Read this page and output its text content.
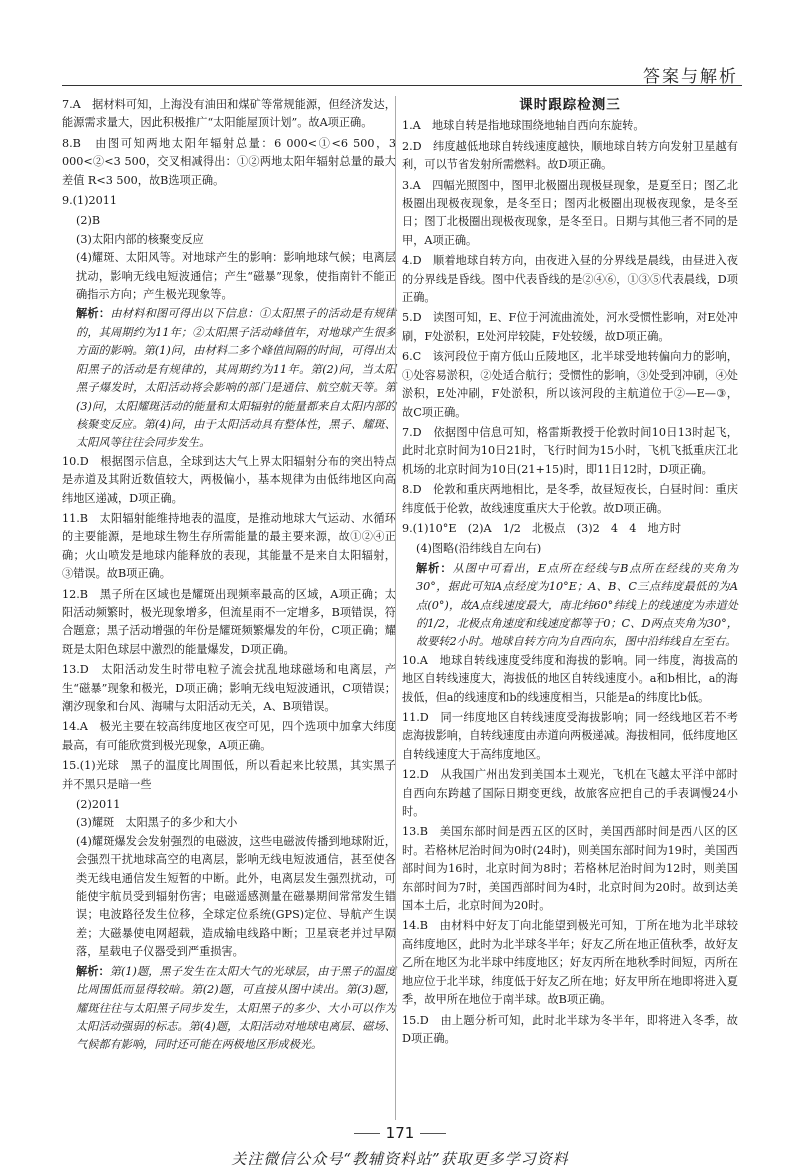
答案与解析
7.A　据材料可知，上海没有油田和煤矿等常规能源，但经济发达，能源需求量大，因此积极推广“太阳能屋顶计划”。故A项正确。
8.B　由图可知两地太阳年辐射总量：6 000<①<6 500，3 000<②<3 500，交叉相减得出：①②两地太阳年辐射总量的最大差值 R<3 500，故B选项正确。
9.(1)2011
(2)B
(3)太阳内部的核聚变反应
(4)耀斑、太阳风等。对地球产生的影响：影响地球气候；电离层扰动，影响无线电短波通信；产生“磁暴”现象，使指南针不能正确指示方向；产生极光现象等。
解析：由材料和图可得出以下信息：①太阳黑子的活动是有规律的，其周期约为11年；②太阳黑子活动峰值年，对地球产生很多方面的影响。第(1)问，由材料二多个峰值间隔的时间，可得出太阳黑子的活动是有规律的，其周期约为11年。第(2)问，当太阳黑子爆发时，太阳活动将会影响的部门是通信、航空航天等。第(3)问，太阳耀斑活动的能量和太阳辐射的能量都来自太阳内部的核聚变反应。第(4)问，由于太阳活动具有整体性，黑子、耀斑、太阳风等往往会同步发生。
10.D　根据图示信息，全球到达大气上界太阳辐射分布的突出特点是赤道及其附近数值较大，两极偏小，基本规律为由低纬地区向高纬地区递减，D项正确。
11.B　太阳辐射能维持地表的温度，是推动地球大气运动、水循环的主要能源，是地球生物生存所需能量的最主要来源，故①②④正确；火山喷发是地球内能释放的表现，其能量不是来自太阳辐射，③错误。故B项正确。
12.B　黑子所在区域也是耀斑出现频率最高的区域，A项正确；太阳活动频繁时，极光现象增多，但流星雨不一定增多，B项错误，符合题意；黑子活动增强的年份是耀斑频繁爆发的年份，C项正确；耀斑是太阳色球层中激烈的能量爆发，D项正确。
13.D　太阳活动发生时带电粒子流会扰乱地球磁场和电离层，产生“磁暴”现象和极光，D项正确；影响无线电短波通讯，C项错误；潮汐现象和台风、海啸与太阳活动无关，A、B项错误。
14.A　极光主要在较高纬度地区夜空可见，四个选项中加拿大纬度最高，有可能欣赏到极光现象，A项正确。
15.(1)光球　黑子的温度比周围低，所以看起来比较黑，其实黑子并不黑只是暗一些
(2)2011
(3)耀斑　太阳黑子的多少和大小
(4)耀斑爆发会发射强烈的电磁波，这些电磁波传播到地球附近，会强烈干扰地球高空的电离层，影响无线电短波通信，甚至使各类无线电通信发生短暂的中断。此外，电离层发生强烈扰动，可能使宇航员受到辐射伤害；电磁遥感测量在磁暴期间常常发生错误；电波路径发生位移，全球定位系统(GPS)定位、导航产生误差；大磁暴使电网超载，造成输电线路中断；卫星衰老并过早陨落，星载电子仪器受到严重损害。
解析：第(1)题，黑子发生在太阳大气的光球层，由于黑子的温度比周围低而显得较暗。第(2)题，可直接从图中读出。第(3)题，耀斑往往与太阳黑子同步发生，太阳黑子的多少、大小可以作为太阳活动强弱的标志。第(4)题，太阳活动对地球电离层、磁场、气候都有影响，同时还可能在两极地区形成极光。
课时跟踪检测三
1.A　地球自转是指地球围绕地轴自西向东旋转。
2.D　纬度越低地球自转线速度越快，顺地球自转方向发射卫星越有利，可以节省发射所需燃料。故D项正确。
3.A　四幅光照图中，图甲北极圈出现极昼现象，是夏至日；图乙北极圈出现极夜现象，是冬至日；图丙北极圈出现极夜现象，是冬至日；图丁北极圈出现极夜现象，是冬至日。日期与其他三者不同的是甲，A项正确。
4.D　顺着地球自转方向，由夜进入昼的分界线是晨线，由昼进入夜的分界线是昏线。图中代表昏线的是②④⑥，①③⑤代表晨线，D项正确。
5.D　读图可知，E、F位于河流曲流处，河水受惯性影响，对E处冲刷，F处淤积，E处河岸较陡，F处较缓，故D项正确。
6.C　该河段位于南方低山丘陵地区，北半球受地转偏向力的影响，①处容易淤积，②处适合航行；受惯性的影响，③处受到冲刷，④处淤积，E处冲刷，F处淤积，所以该河段的主航道位于②—E—③，故C项正确。
7.D　依据图中信息可知，格雷斯教授于伦敦时间10日13时起飞，此时北京时间为10日21时，飞行时间为15小时，飞机飞抵重庆江北机场的北京时间为10日(21+15)时，即11日12时，D项正确。
8.D　伦敦和重庆两地相比，是冬季，故昼短夜长，白昼时间：重庆纬度低于伦敦，故线速度重庆大于伦敦。故D项正确。
9.(1)10°E　(2)A　1/2　北极点　(3)2　4　4　地方时
(4)图略(沿纬线自左向右)
解析：从图中可看出，E点所在经线与B点所在经线的夹角为30°，据此可知A点经度为10°E；A、B、C三点纬度最低的为A点(0°)，故A点线速度最大，南北纬60°纬线上的线速度为赤道处的1/2，北极点角速度和线速度都等于0；C、D两点夹角为30°，故要转2小时。地球自转方向为自西向东，图中沿纬线自左至右。
10.A　地球自转线速度受纬度和海拔的影响。同一纬度，海拔高的地区自转线速度大，海拔低的地区自转线速度小。a和b相比，a的海拔低，但a的线速度和b的线速度相当，只能是a的纬度比b低。
11.D　同一纬度地区自转线速度受海拔影响；同一经线地区若不考虑海拔影响，自转线速度由赤道向两极递减。海拔相同，低纬度地区自转线速度大于高纬度地区。
12.D　从我国广州出发到美国本土观光，飞机在飞越太平洋中部时自西向东跨越了国际日期变更线，故旅客应把自己的手表调慢24小时。
13.B　美国东部时间是西五区的区时，美国西部时间是西八区的区时。若格林尼治时间为0时(24时)，则美国东部时间为19时，美国西部时间为16时，北京时间为8时；若格林尼治时间为12时，则美国东部时间为7时，美国西部时间为4时，北京时间为20时。故到达美国本土后，北京时间为20时。
14.B　由材料中好友丁向北能望到极光可知，丁所在地为北半球较高纬度地区，此时为北半球冬半年；好友乙所在地正值秋季，故好友乙所在地区为北半球中纬度地区；好友丙所在地秋季时间短，丙所在地应位于北半球，纬度低于好友乙所在地；好友甲所在地即将进入夏季，故甲所在地位于南半球。故B项正确。
15.D　由上题分析可知，此时北半球为冬半年，即将进入冬季，故D项正确。
171
关注微信公众号“教辅资料站”获取更多学习资料
